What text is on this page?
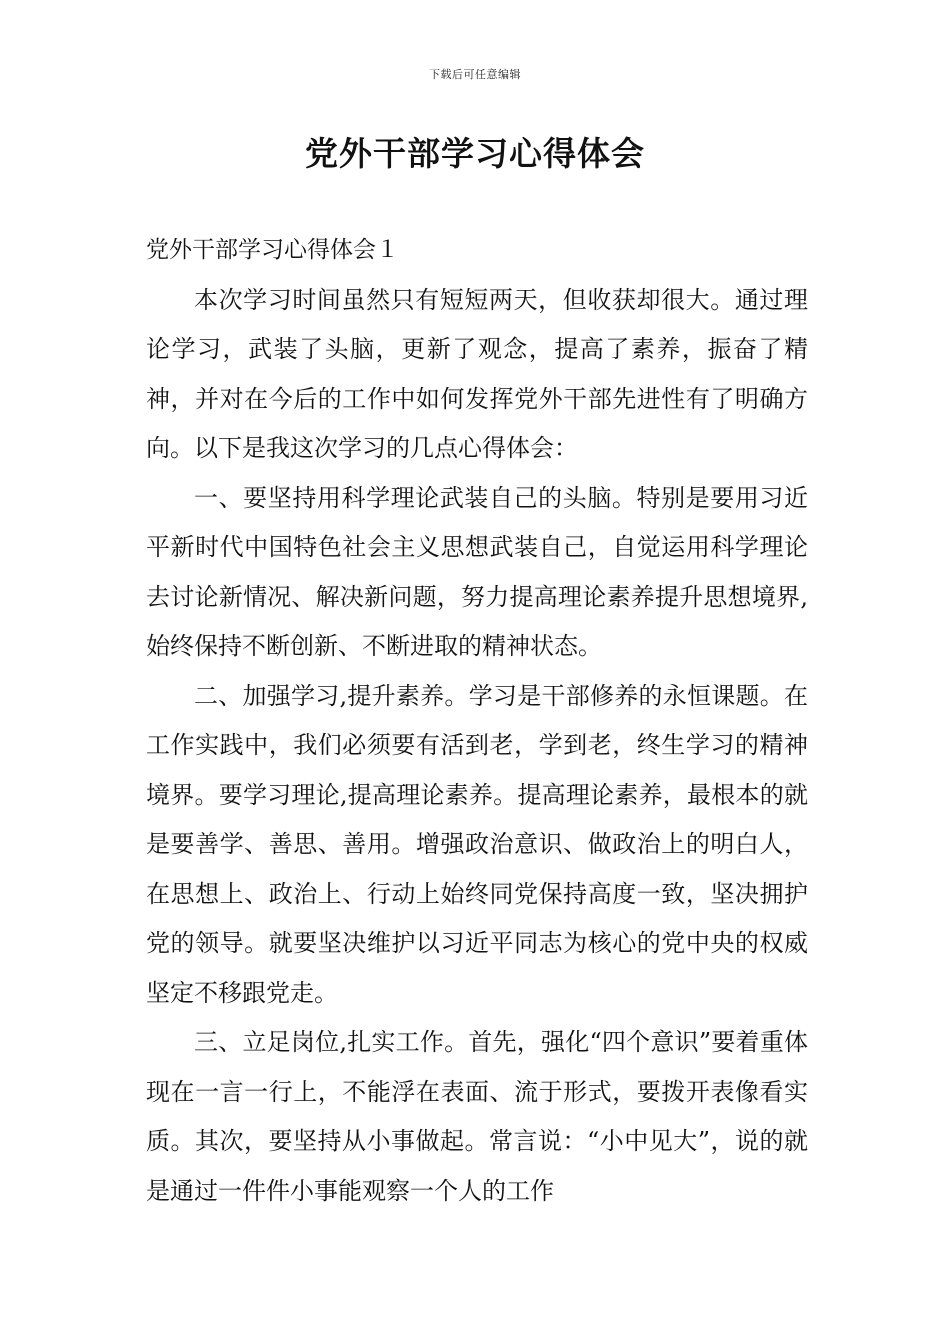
下载后可任意编辑
党外干部学习心得体会

党外干部学习心得体会１

本次学习时间虽然只有短短两天，但收获却很大。通过理论学习，武装了头脑，更新了观念，提高了素养，振奋了精神，并对在今后的工作中如何发挥党外干部先进性有了明确方向。以下是我这次学习的几点心得体会：

一、要坚持用科学理论武装自己的头脑。特别是要用习近平新时代中国特色社会主义思想武装自己，自觉运用科学理论去讨论新情况、解决新问题，努力提高理论素养提升思想境界,始终保持不断创新、不断进取的精神状态。

二、加强学习,提升素养。学习是干部修养的永恒课题。在工作实践中，我们必须要有活到老，学到老，终生学习的精神境界。要学习理论,提高理论素养。提高理论素养，最根本的就是要善学、善思、善用。增强政治意识、做政治上的明白人，在思想上、政治上、行动上始终同党保持高度一致，坚决拥护党的领导。就要坚决维护以习近平同志为核心的党中央的权威坚定不移跟党走。

三、立足岗位,扎实工作。首先，强化“四个意识”要着重体现在一言一行上，不能浮在表面、流于形式，要拨开表像看实质。其次，要坚持从小事做起。常言说：“小中见大”，说的就是通过一件件小事能观察一个人的工作
